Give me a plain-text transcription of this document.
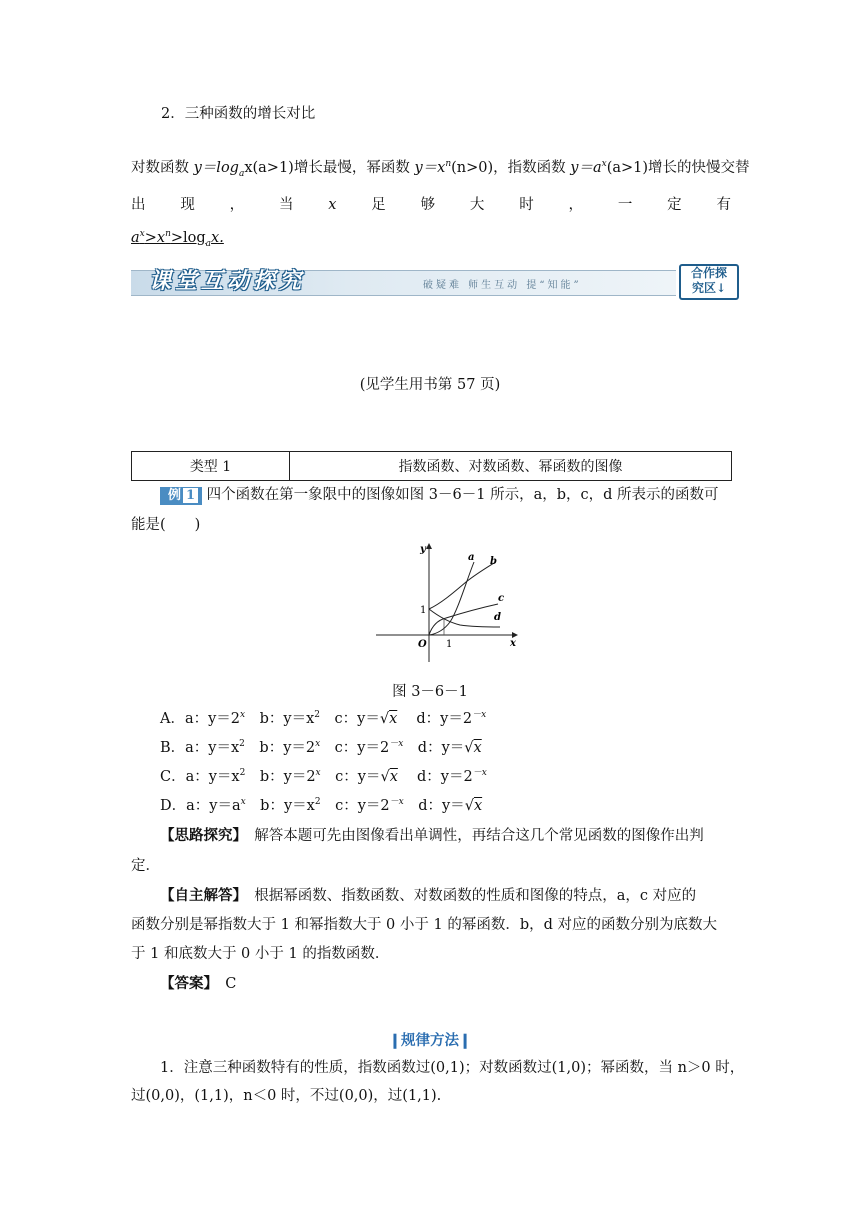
2．三种函数的增长对比
对数函数 $y=\log_ax(a>1)$增长最慢，幂函数 $y=x^n(n>0)$，指数函数 $y=a^x(a>1)$增长的快慢交替
出 现 ， 当 x 足 够 大 时 ， 一 定 有
$a^x>x^n>\log_ax$.
课堂互动探究	破疑难 师生互动 提“知能”
合作探
究区↓
(见学生用书第 57 页)
类型 1	指数函数、对数函数、幂函数的图像
例 1 四个函数在第一象限中的图像如图 3－6－1 所示，a，b，c，d 所表示的函数可
能是(　　)
y
x
O
1
1
a b
c
d
图 3－6－1
A．a：$y=2^x$　b：$y=x^2$　c：y＝√x　 d：$y=2^{-x}$
B．a：$y=x^2$　b：$y=2^x$　c：$y=2^{-x}$　d：y＝√x
C．a：$y=x^2$　b：$y=2^x$　c：y＝√x　 d：$y=2^{-x}$
D．a：$y=a^x$　b：$y=x^2$　c：$y=2^{-x}$　d：y＝√x
【思路探究】　解答本题可先由图像看出单调性，再结合这几个常见函数的图像作出判
定．
【自主解答】　根据幂函数、指数函数、对数函数的性质和图像的特点，a，c 对应的
函数分别是幂指数大于 1 和幂指数大于 0 小于 1 的幂函数．b，d 对应的函数分别为底数大
于 1 和底数大于 0 小于 1 的指数函数．
【答案】　C
❙规律方法❙
1．注意三种函数特有的性质，指数函数过(0,1)；对数函数过(1,0)；幂函数，当 n＞0 时，
过(0,0)，(1,1)，n＜0 时，不过(0,0)，过(1,1).
